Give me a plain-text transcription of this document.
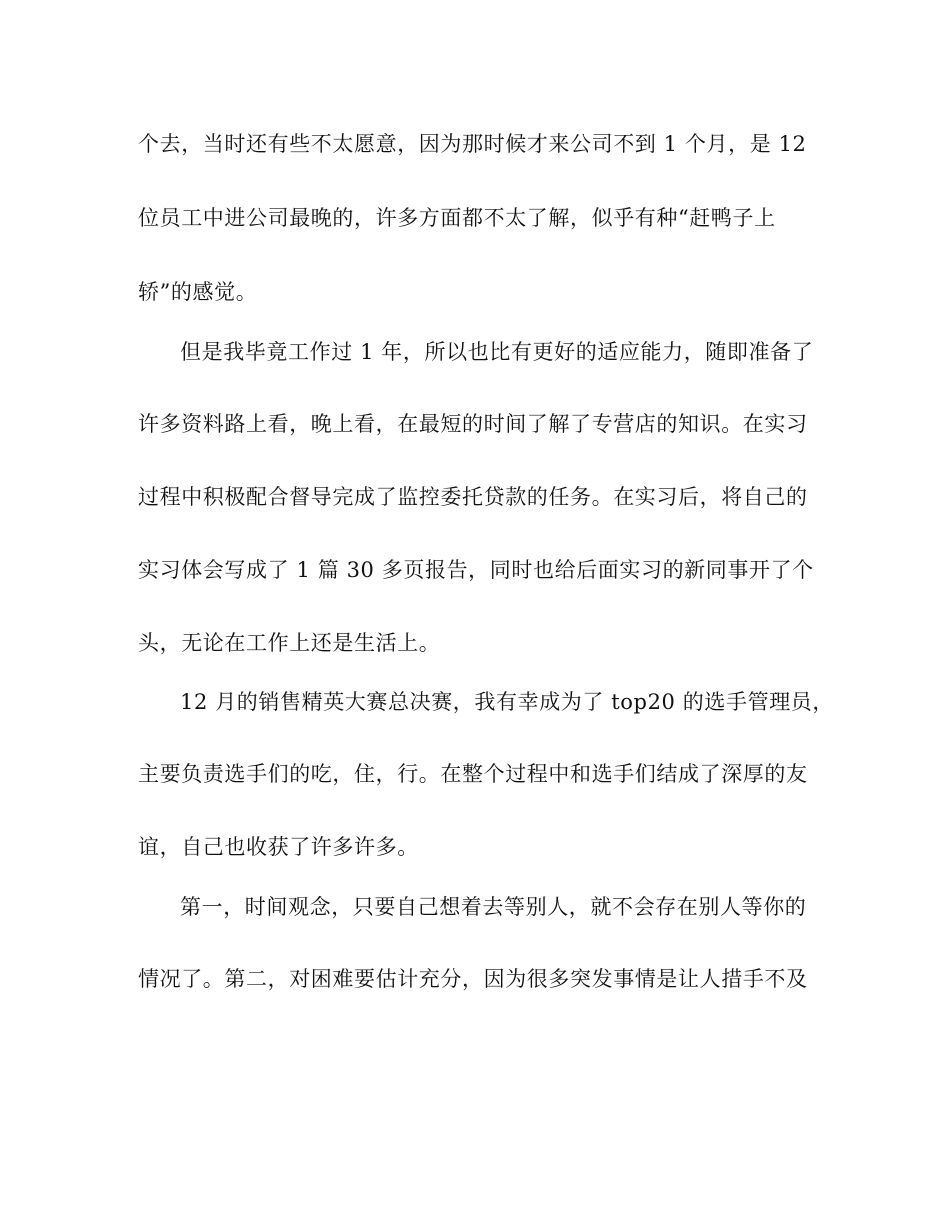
个去，当时还有些不太愿意，因为那时候才来公司不到 1 个月，是 12
位员工中进公司最晚的，许多方面都不太了解，似乎有种“赶鸭子上
轿”的感觉。
但是我毕竟工作过 1 年，所以也比有更好的适应能力，随即准备了
许多资料路上看，晚上看，在最短的时间了解了专营店的知识。在实习
过程中积极配合督导完成了监控委托贷款的任务。在实习后，将自己的
实习体会写成了 1 篇 30 多页报告，同时也给后面实习的新同事开了个
头，无论在工作上还是生活上。
12 月的销售精英大赛总决赛，我有幸成为了 top20 的选手管理员，
主要负责选手们的吃，住，行。在整个过程中和选手们结成了深厚的友
谊，自己也收获了许多许多。
第一，时间观念，只要自己想着去等别人，就不会存在别人等你的
情况了。第二，对困难要估计充分，因为很多突发事情是让人措手不及
